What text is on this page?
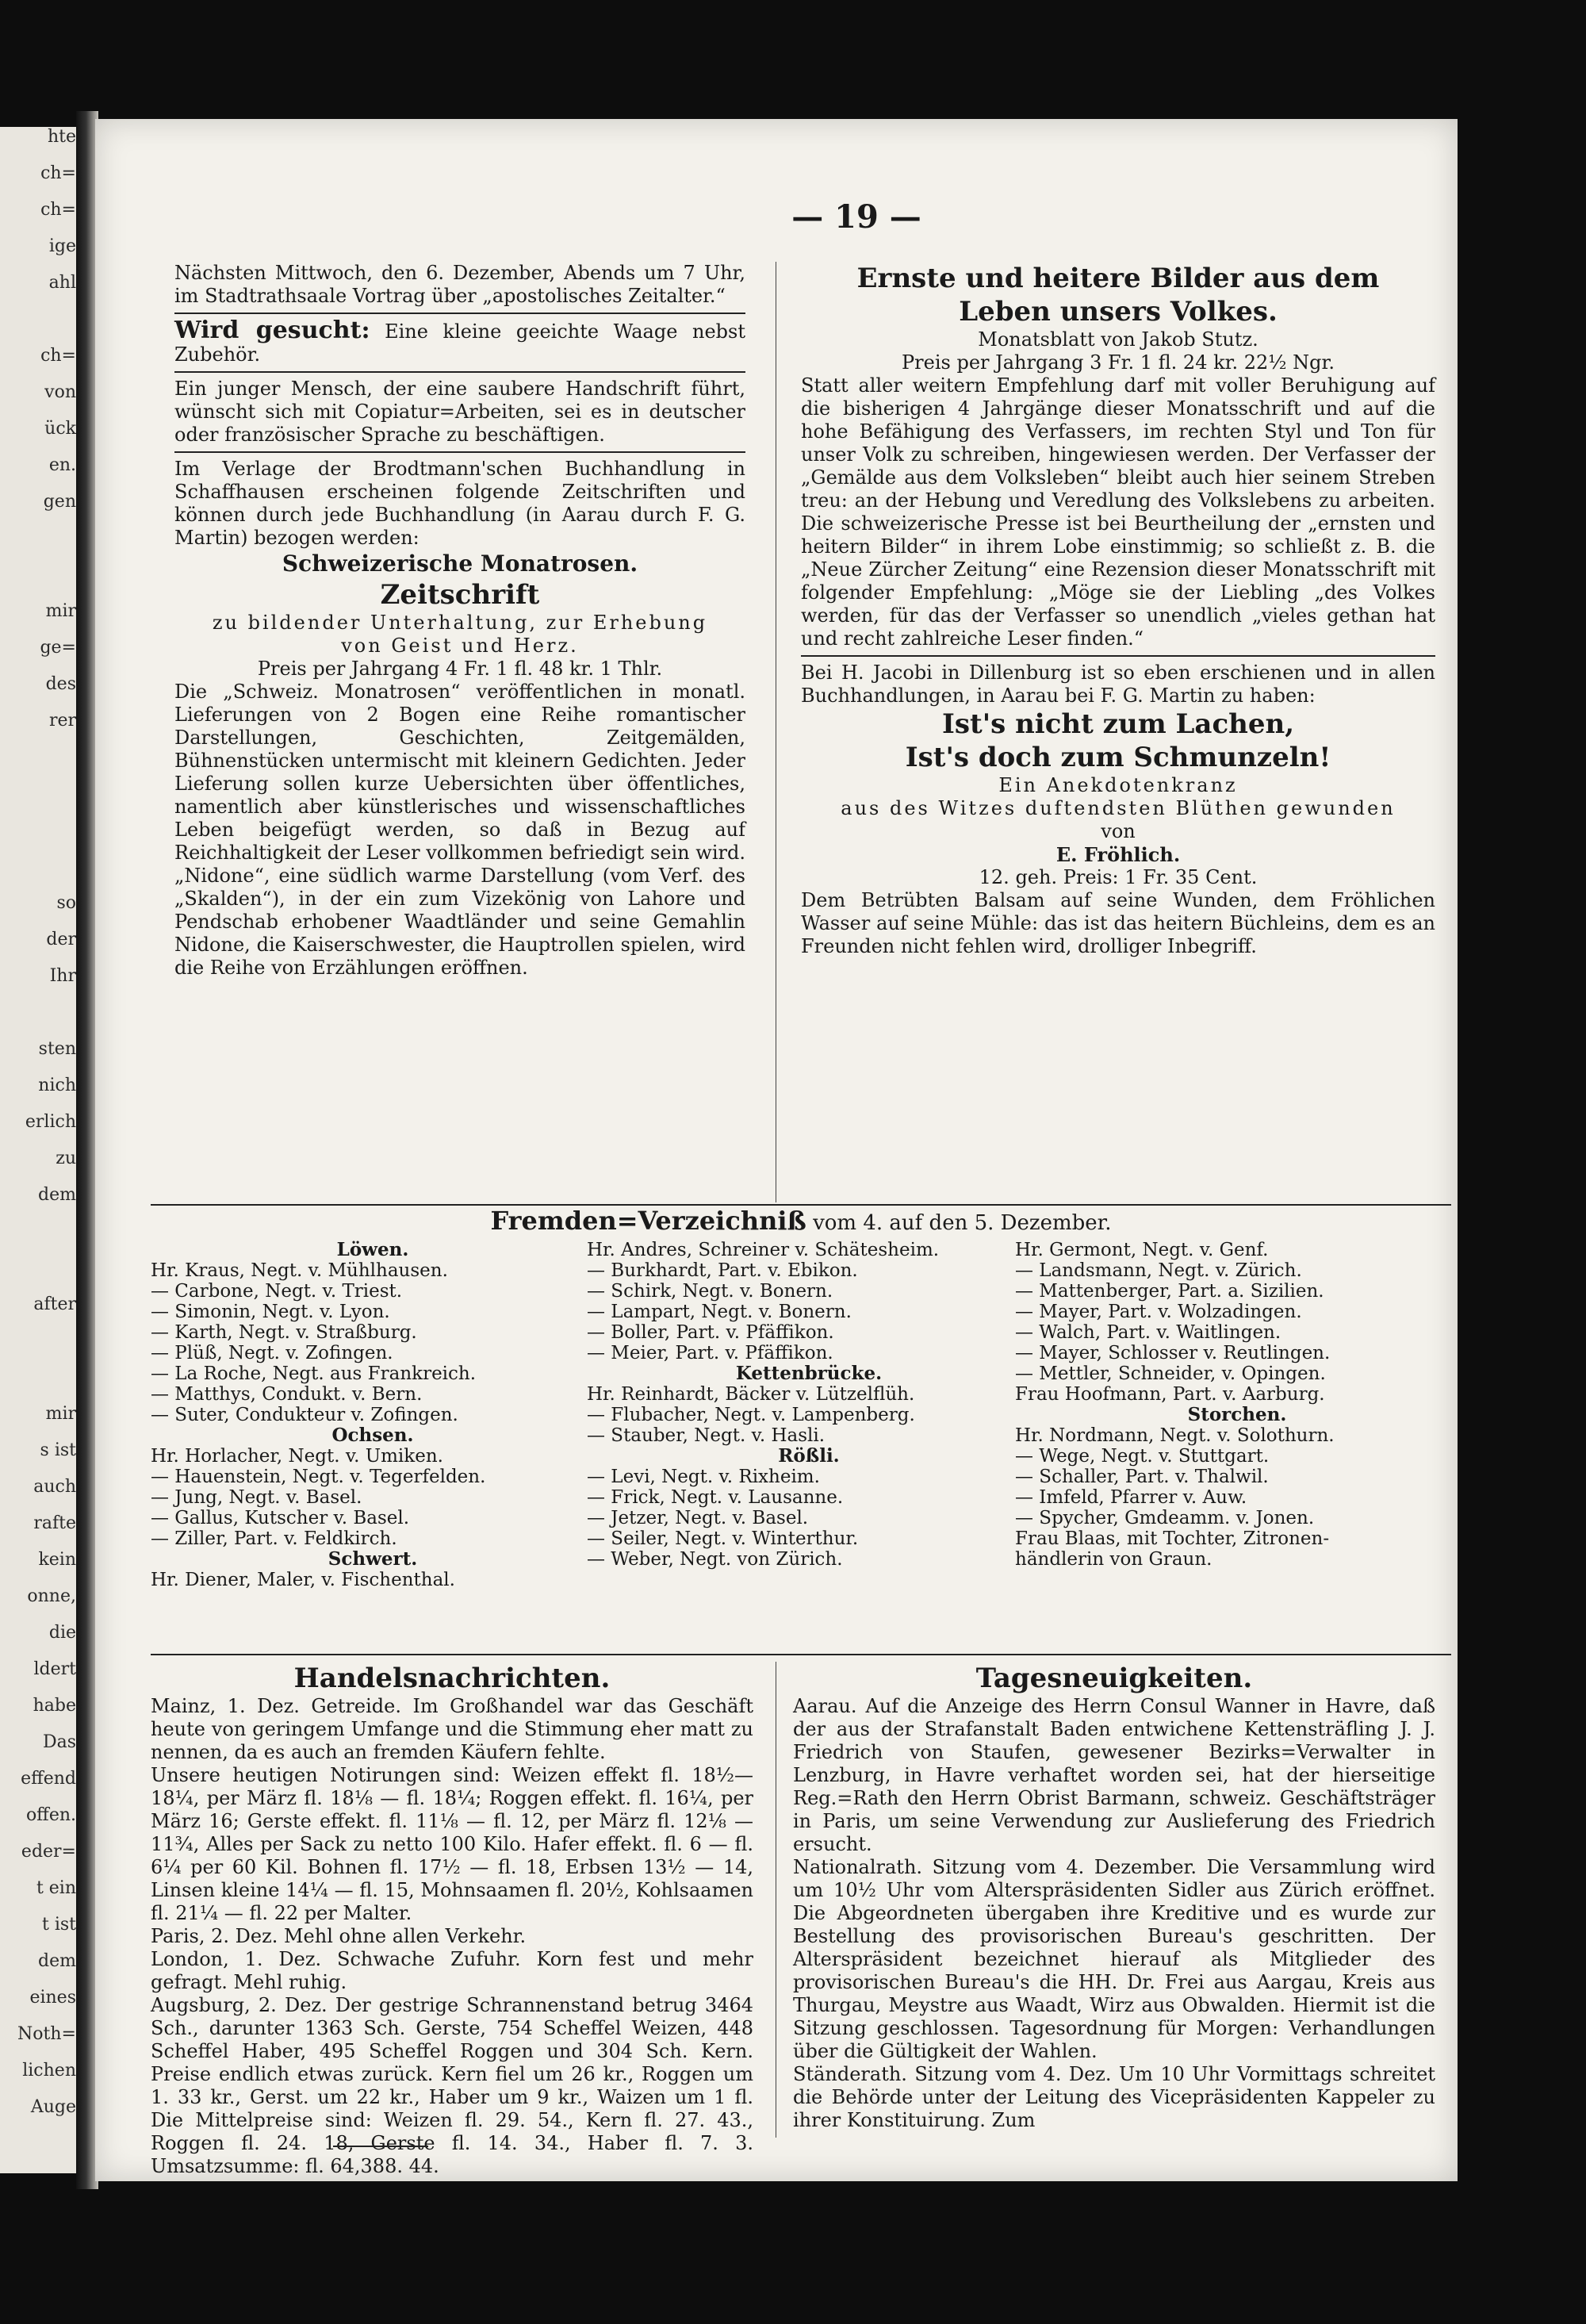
hte
ch=
ch=
ige
ahl
ch=
von
ück
en.
gen
mir
ge=
des
rer
so
der
Ihr
sten
nich
erlich
zu
dem
after
mir
s ist
auch
rafte
kein
onne,
die
ldert
habe
Das
effend
offen.
eder=
t ein
t ist
dem
eines
Noth=
lichen
Auge
— 19 —

Nächsten Mittwoch, den 6. Dezember, Abends um 7 Uhr, im Stadtrathsaale Vortrag über „apostolisches Zeitalter.“

Wird gesucht: Eine kleine geeichte Waage nebst Zubehör.

Ein junger Mensch, der eine saubere Handschrift führt, wünscht sich mit Copiatur=Arbeiten, sei es in deutscher oder französischer Sprache zu beschäftigen.

Im Verlage der Brodtmann'schen Buchhandlung in Schaffhausen erscheinen folgende Zeitschriften und können durch jede Buchhandlung (in Aarau durch F. G. Martin) bezogen werden:

Schweizerische Monatrosen.

Zeitschrift

zu bildender Unterhaltung, zur Erhebung

von Geist und Herz.

Preis per Jahrgang 4 Fr. 1 fl. 48 kr. 1 Thlr.

Die „Schweiz. Monatrosen“ veröffentlichen in monatl. Lieferungen von 2 Bogen eine Reihe romantischer Darstellungen, Geschichten, Zeitgemälden, Bühnenstücken untermischt mit kleinern Gedichten. Jeder Lieferung sollen kurze Uebersichten über öffentliches, namentlich aber künstlerisches und wissenschaftliches Leben beigefügt werden, so daß in Bezug auf Reichhaltigkeit der Leser vollkommen befriedigt sein wird. „Nidone“, eine südlich warme Darstellung (vom Verf. des „Skalden“), in der ein zum Vizekönig von Lahore und Pendschab erhobener Waadtländer und seine Gemahlin Nidone, die Kaiserschwester, die Hauptrollen spielen, wird die Reihe von Erzählungen eröffnen.

Ernste und heitere Bilder aus dem

Leben unsers Volkes.

Monatsblatt von Jakob Stutz.

Preis per Jahrgang 3 Fr. 1 fl. 24 kr. 22½ Ngr.

Statt aller weitern Empfehlung darf mit voller Beruhigung auf die bisherigen 4 Jahrgänge dieser Monatsschrift und auf die hohe Befähigung des Verfassers, im rechten Styl und Ton für unser Volk zu schreiben, hingewiesen werden. Der Verfasser der „Gemälde aus dem Volksleben“ bleibt auch hier seinem Streben treu: an der Hebung und Veredlung des Volkslebens zu arbeiten. Die schweizerische Presse ist bei Beurtheilung der „ernsten und heitern Bilder“ in ihrem Lobe einstimmig; so schließt z. B. die „Neue Zürcher Zeitung“ eine Rezension dieser Monatsschrift mit folgender Empfehlung: „Möge sie der Liebling „des Volkes werden, für das der Verfasser so unendlich „vieles gethan hat und recht zahlreiche Leser finden.“

Bei H. Jacobi in Dillenburg ist so eben erschienen und in allen Buchhandlungen, in Aarau bei F. G. Martin zu haben:

Ist's nicht zum Lachen,

Ist's doch zum Schmunzeln!

Ein Anekdotenkranz

aus des Witzes duftendsten Blüthen gewunden

von

E. Fröhlich.

12. geh. Preis: 1 Fr. 35 Cent.

Dem Betrübten Balsam auf seine Wunden, dem Fröhlichen Wasser auf seine Mühle: das ist das heitern Büchleins, dem es an Freunden nicht fehlen wird, drolliger Inbegriff.

Fremden=Verzeichniß vom 4. auf den 5. Dezember.

Löwen.

Hr. Kraus, Negt. v. Mühlhausen.

— Carbone, Negt. v. Triest.

— Simonin, Negt. v. Lyon.

— Karth, Negt. v. Straßburg.

— Plüß, Negt. v. Zofingen.

— La Roche, Negt. aus Frankreich.

— Matthys, Condukt. v. Bern.

— Suter, Condukteur v. Zofingen.

Ochsen.

Hr. Horlacher, Negt. v. Umiken.

— Hauenstein, Negt. v. Tegerfelden.

— Jung, Negt. v. Basel.

— Gallus, Kutscher v. Basel.

— Ziller, Part. v. Feldkirch.

Schwert.

Hr. Diener, Maler, v. Fischenthal.

Hr. Andres, Schreiner v. Schätesheim.

— Burkhardt, Part. v. Ebikon.

— Schirk, Negt. v. Bonern.

— Lampart, Negt. v. Bonern.

— Boller, Part. v. Pfäffikon.

— Meier, Part. v. Pfäffikon.

Kettenbrücke.

Hr. Reinhardt, Bäcker v. Lützelflüh.

— Flubacher, Negt. v. Lampenberg.

— Stauber, Negt. v. Hasli.

Rößli.

— Levi, Negt. v. Rixheim.

— Frick, Negt. v. Lausanne.

— Jetzer, Negt. v. Basel.

— Seiler, Negt. v. Winterthur.

— Weber, Negt. von Zürich.

Hr. Germont, Negt. v. Genf.

— Landsmann, Negt. v. Zürich.

— Mattenberger, Part. a. Sizilien.

— Mayer, Part. v. Wolzadingen.

— Walch, Part. v. Waitlingen.

— Mayer, Schlosser v. Reutlingen.

— Mettler, Schneider, v. Opingen.

Frau Hoofmann, Part. v. Aarburg.

Storchen.

Hr. Nordmann, Negt. v. Solothurn.

— Wege, Negt. v. Stuttgart.

— Schaller, Part. v. Thalwil.

— Imfeld, Pfarrer v. Auw.

— Spycher, Gmdeamm. v. Jonen.

Frau Blaas, mit Tochter, Zitronen-

händlerin von Graun.

Handelsnachrichten.

Mainz, 1. Dez. Getreide. Im Großhandel war das Geschäft heute von geringem Umfange und die Stimmung eher matt zu nennen, da es auch an fremden Käufern fehlte.

Unsere heutigen Notirungen sind: Weizen effekt fl. 18½—18¼, per März fl. 18⅛ — fl. 18¼; Roggen effekt. fl. 16¼, per März 16; Gerste effekt. fl. 11⅛ — fl. 12, per März fl. 12⅛ — 11¾, Alles per Sack zu netto 100 Kilo. Hafer effekt. fl. 6 — fl. 6¼ per 60 Kil. Bohnen fl. 17½ — fl. 18, Erbsen 13½ — 14, Linsen kleine 14¼ — fl. 15, Mohnsaamen fl. 20½, Kohlsaamen fl. 21¼ — fl. 22 per Malter.

Paris, 2. Dez. Mehl ohne allen Verkehr.

London, 1. Dez. Schwache Zufuhr. Korn fest und mehr gefragt. Mehl ruhig.

Augsburg, 2. Dez. Der gestrige Schrannenstand betrug 3464 Sch., darunter 1363 Sch. Gerste, 754 Scheffel Weizen, 448 Scheffel Haber, 495 Scheffel Roggen und 304 Sch. Kern. Preise endlich etwas zurück. Kern fiel um 26 kr., Roggen um 1. 33 kr., Gerst. um 22 kr., Haber um 9 kr., Waizen um 1 fl. Die Mittelpreise sind: Weizen fl. 29. 54., Kern fl. 27. 43., Roggen fl. 24. 18, Gerste fl. 14. 34., Haber fl. 7. 3. Umsatzsumme: fl. 64,388. 44.

Tagesneuigkeiten.

Aarau. Auf die Anzeige des Herrn Consul Wanner in Havre, daß der aus der Strafanstalt Baden entwichene Kettensträfling J. J. Friedrich von Staufen, gewesener Bezirks=Verwalter in Lenzburg, in Havre verhaftet worden sei, hat der hierseitige Reg.=Rath den Herrn Obrist Barmann, schweiz. Geschäftsträger in Paris, um seine Verwendung zur Auslieferung des Friedrich ersucht.

Nationalrath. Sitzung vom 4. Dezember. Die Versammlung wird um 10½ Uhr vom Alterspräsidenten Sidler aus Zürich eröffnet. Die Abgeordneten übergaben ihre Kreditive und es wurde zur Bestellung des provisorischen Bureau's geschritten. Der Alterspräsident bezeichnet hierauf als Mitglieder des provisorischen Bureau's die HH. Dr. Frei aus Aargau, Kreis aus Thurgau, Meystre aus Waadt, Wirz aus Obwalden. Hiermit ist die Sitzung geschlossen. Tagesordnung für Morgen: Verhandlungen über die Gültigkeit der Wahlen.

Ständerath. Sitzung vom 4. Dez. Um 10 Uhr Vormittags schreitet die Behörde unter der Leitung des Vicepräsidenten Kappeler zu ihrer Konstituirung. Zum
